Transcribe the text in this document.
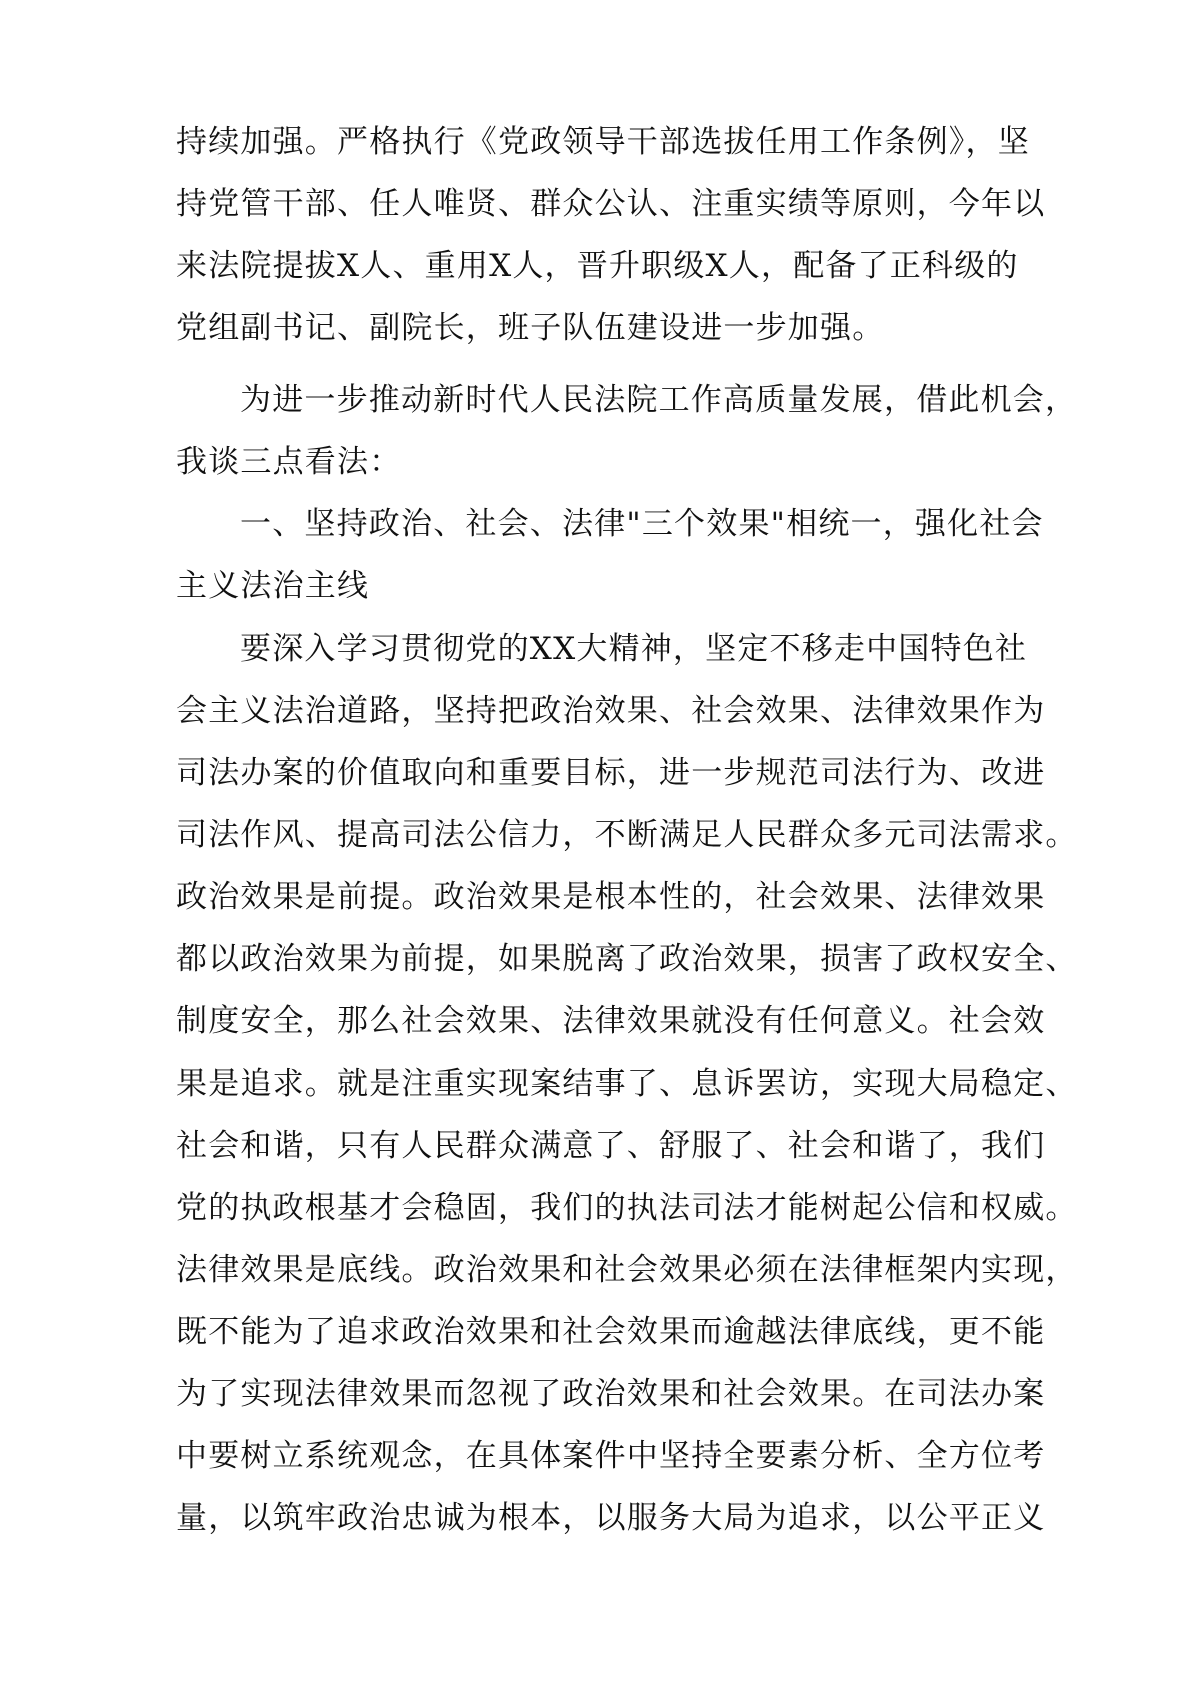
持续加强。严格执行《党政领导干部选拔任用工作条例》，坚
持党管干部、任人唯贤、群众公认、注重实绩等原则，今年以
来法院提拔X人、重用X人，晋升职级X人，配备了正科级的
党组副书记、副院长，班子队伍建设进一步加强。
为进一步推动新时代人民法院工作高质量发展，借此机会，
我谈三点看法：
一、坚持政治、社会、法律"三个效果"相统一，强化社会
主义法治主线
要深入学习贯彻党的XX大精神，坚定不移走中国特色社
会主义法治道路，坚持把政治效果、社会效果、法律效果作为
司法办案的价值取向和重要目标，进一步规范司法行为、改进
司法作风、提高司法公信力，不断满足人民群众多元司法需求。
政治效果是前提。政治效果是根本性的，社会效果、法律效果
都以政治效果为前提，如果脱离了政治效果，损害了政权安全、
制度安全，那么社会效果、法律效果就没有任何意义。社会效
果是追求。就是注重实现案结事了、息诉罢访，实现大局稳定、
社会和谐，只有人民群众满意了、舒服了、社会和谐了，我们
党的执政根基才会稳固，我们的执法司法才能树起公信和权威。
法律效果是底线。政治效果和社会效果必须在法律框架内实现，
既不能为了追求政治效果和社会效果而逾越法律底线，更不能
为了实现法律效果而忽视了政治效果和社会效果。在司法办案
中要树立系统观念，在具体案件中坚持全要素分析、全方位考
量，以筑牢政治忠诚为根本，以服务大局为追求，以公平正义
